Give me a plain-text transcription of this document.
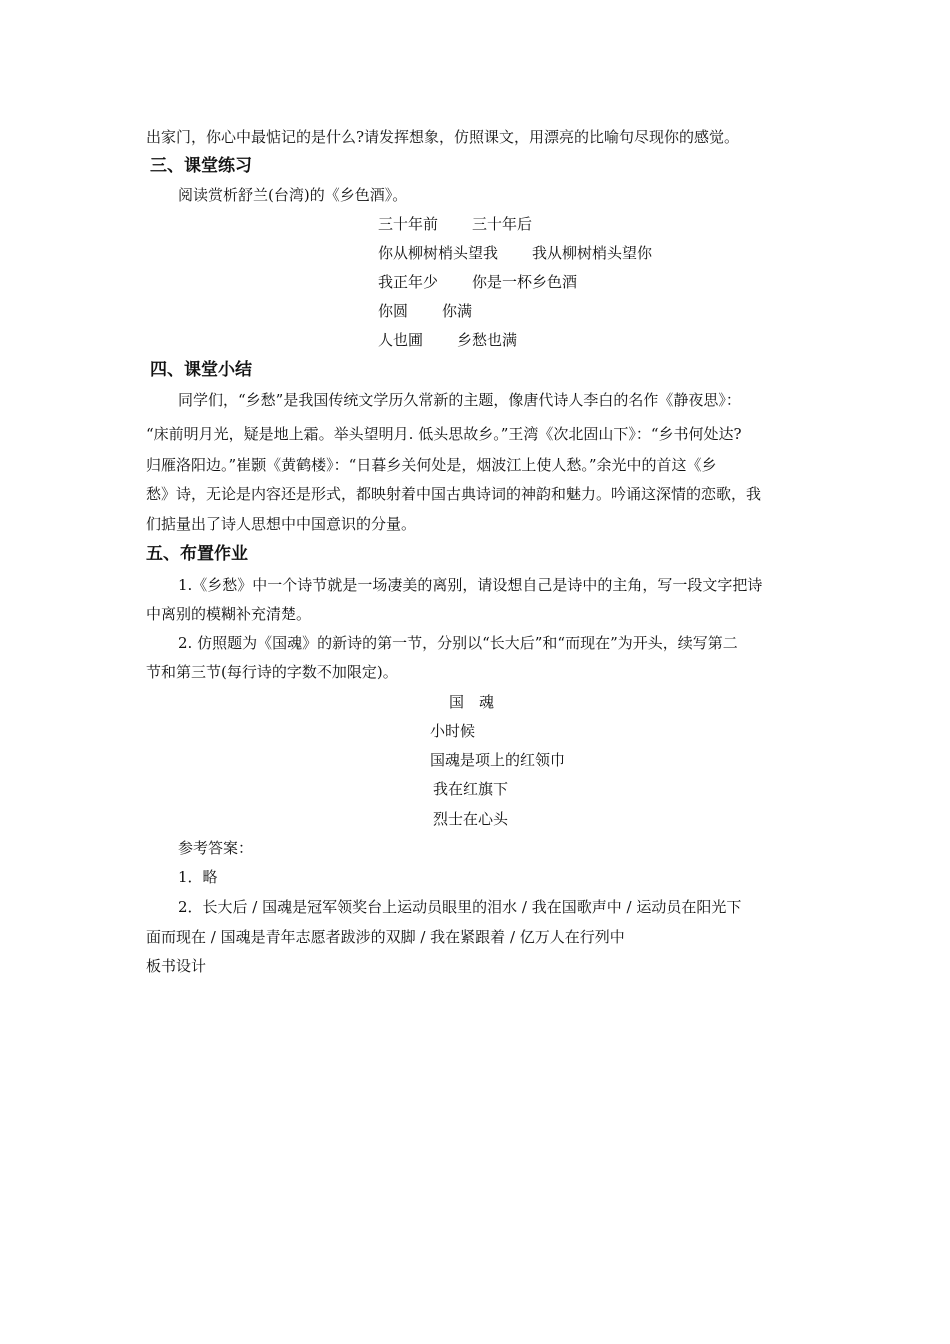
出家门，你心中最惦记的是什么?请发挥想象，仿照课文，用漂亮的比喻句尽现你的感觉。

三、课堂练习

阅读赏析舒兰(台湾)的《乡色酒》。

三十年前 三十年后

你从柳树梢头望我 我从柳树梢头望你

我正年少 你是一杯乡色酒

你圆 你满

人也圃 乡愁也满

四、课堂小结

同学们，“乡愁”是我国传统文学历久常新的主题，像唐代诗人李白的名作《静夜思》：

“床前明月光，疑是地上霜。举头望明月. 低头思故乡。”王湾《次北固山下》：“乡书何处达?

归雁洛阳边。”崔颢《黄鹤楼》：“日暮乡关何处是，烟波江上使人愁。”余光中的首这《乡

愁》诗，无论是内容还是形式，都映射着中国古典诗词的神韵和魅力。吟诵这深情的恋歌，我

们掂量出了诗人思想中中国意识的分量。

五、布置作业

1.《乡愁》中一个诗节就是一场凄美的离别，请设想自己是诗中的主角，写一段文字把诗

中离别的模糊补充清楚。

2. 仿照题为《国魂》的新诗的第一节，分别以“长大后”和“而现在”为开头，续写第二

节和第三节(每行诗的字数不加限定)。

国　魂

小时候

国魂是项上的红领巾

我在红旗下

烈士在心头

参考答案：

1．略

2．长大后 / 国魂是冠军领奖台上运动员眼里的泪水 / 我在国歌声中 / 运动员在阳光下

面而现在 / 国魂是青年志愿者跋涉的双脚 / 我在紧跟着 / 亿万人在行列中

板书设计
